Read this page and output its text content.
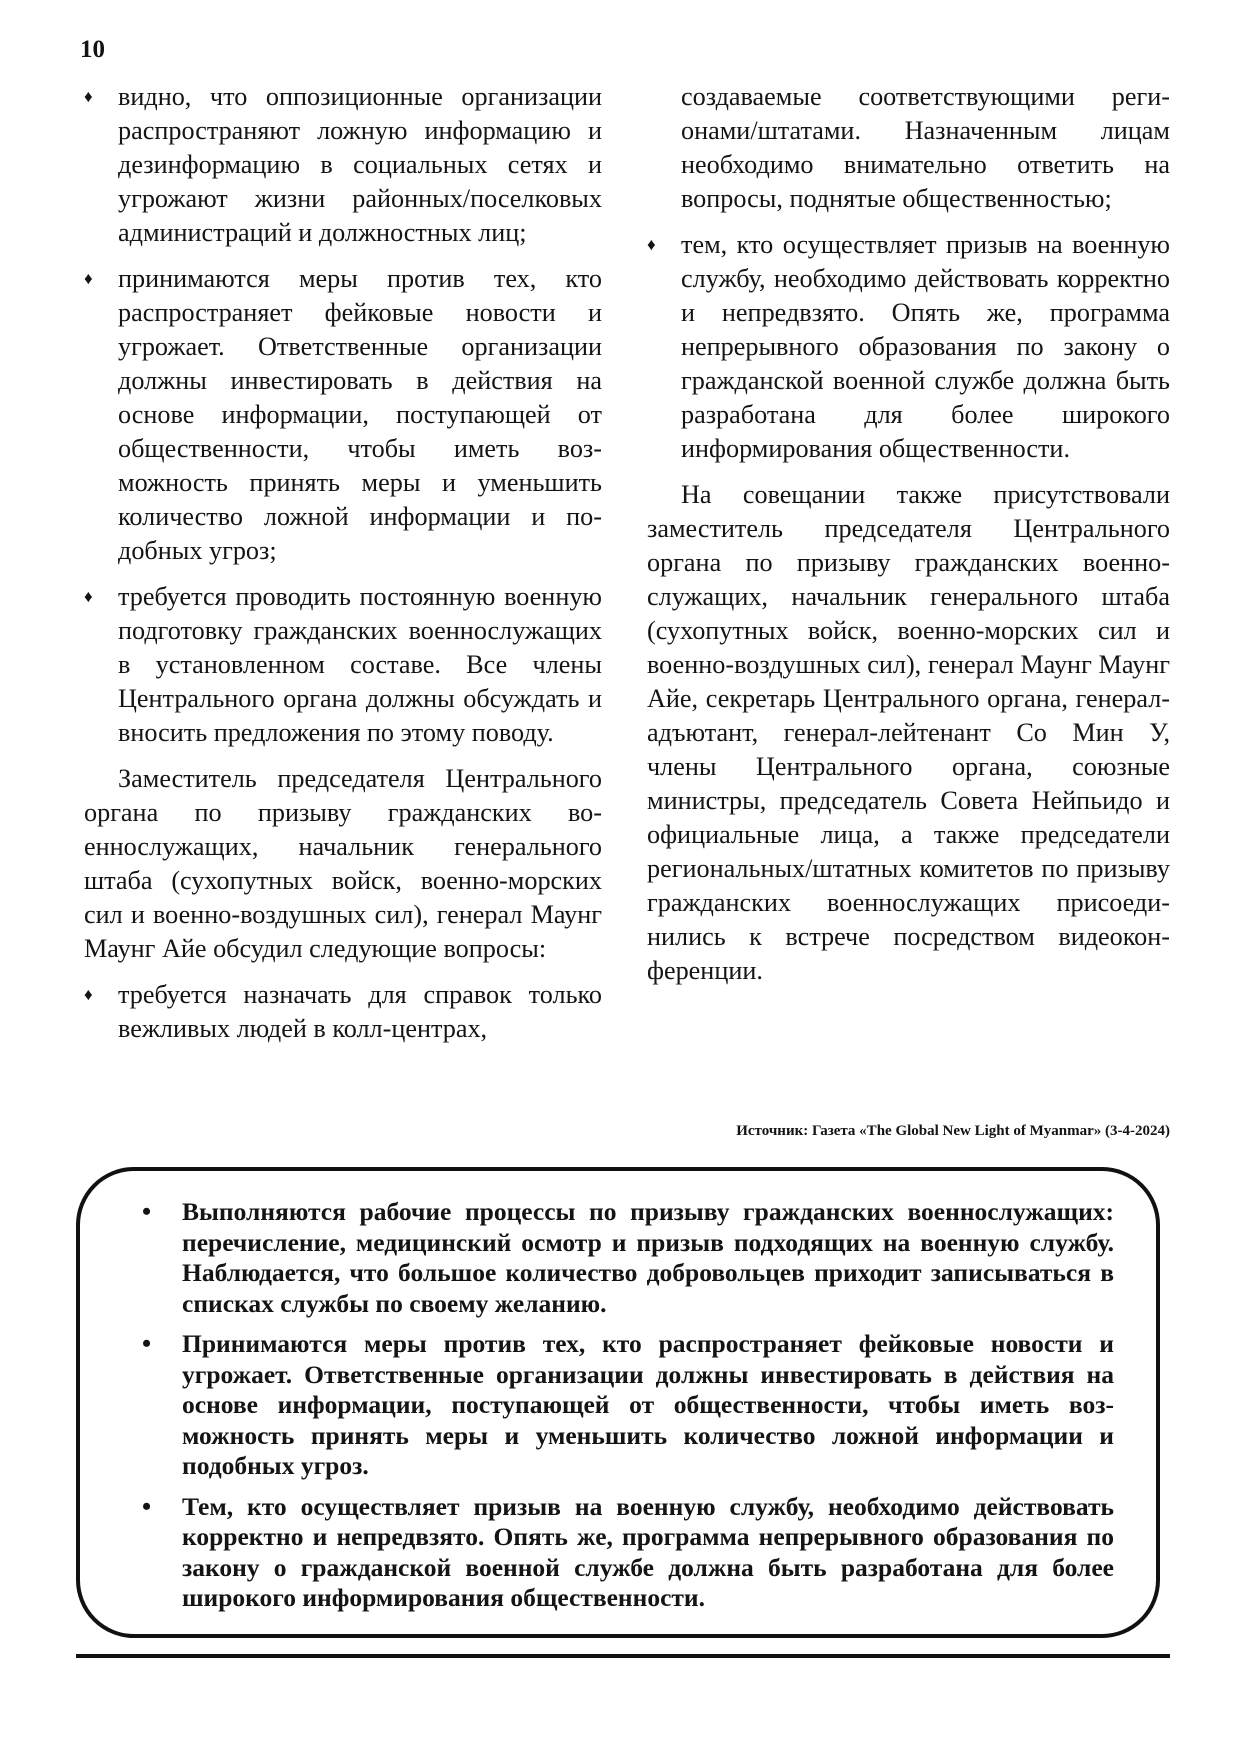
10
♦ видно, что оппозиционные организации распространяют ложную информацию и дезинформацию в социальных сетях и угрожают жизни районных/поселковых администраций и должностных лиц;
♦ принимаются меры против тех, кто распространяет фейковые новости и угрожает. Ответственные организации должны инвестировать в действия на основе информации, поступающей от общественности, чтобы иметь возможность принять меры и уменьшить количество ложной информации и подобных угроз;
♦ требуется проводить постоянную военную подготовку гражданских военнослужащих в установленном составе. Все члены Центрального органа должны обсуждать и вносить предложения по этому поводу.

Заместитель председателя Центрального органа по призыву гражданских военнослужащих, начальник генерального штаба (сухопутных войск, военно-морских сил и военно-воздушных сил), генерал Маунг Маунг Айе обсудил следующие вопросы:

♦ требуется назначать для справок только вежливых людей в колл-центрах,
создаваемые соответствующими регионами/штатами. Назначенным лицам необходимо внимательно ответить на вопросы, поднятые общественностью;
♦ тем, кто осуществляет призыв на военную службу, необходимо действовать корректно и непредвзято. Опять же, программа непрерывного образования по закону о гражданской военной службе должна быть разработана для более широкого информирования общественности.

На совещании также присутствовали заместитель председателя Центрального органа по призыву гражданских военнослужащих, начальник генерального штаба (сухопутных войск, военно-морских сил и военно-воздушных сил), генерал Маунг Маунг Айе, секретарь Центрального органа, генерал-адъютант, генерал-лейтенант Со Мин У, члены Центрального органа, союзные министры, председатель Совета Нейпьидо и официальные лица, а также председатели региональных/штатных комитетов по призыву гражданских военнослужащих присоединились к встрече посредством видеоконференции.

Источник: Газета «The Global New Light of Myanmar» (3-4-2024)
• Выполняются рабочие процессы по призыву гражданских военнослужащих: перечисление, медицинский осмотр и призыв подходящих на военную службу. Наблюдается, что большое количество добровольцев приходит записываться в списках службы по своему желанию.
• Принимаются меры против тех, кто распространяет фейковые новости и угрожает. Ответственные организации должны инвестировать в действия на основе информации, поступающей от общественности, чтобы иметь возможность принять меры и уменьшить количество ложной информации и подобных угроз.
• Тем, кто осуществляет призыв на военную службу, необходимо действовать корректно и непредвзято. Опять же, программа непрерывного образования по закону о гражданской военной службе должна быть разработана для более широкого информирования общественности.
